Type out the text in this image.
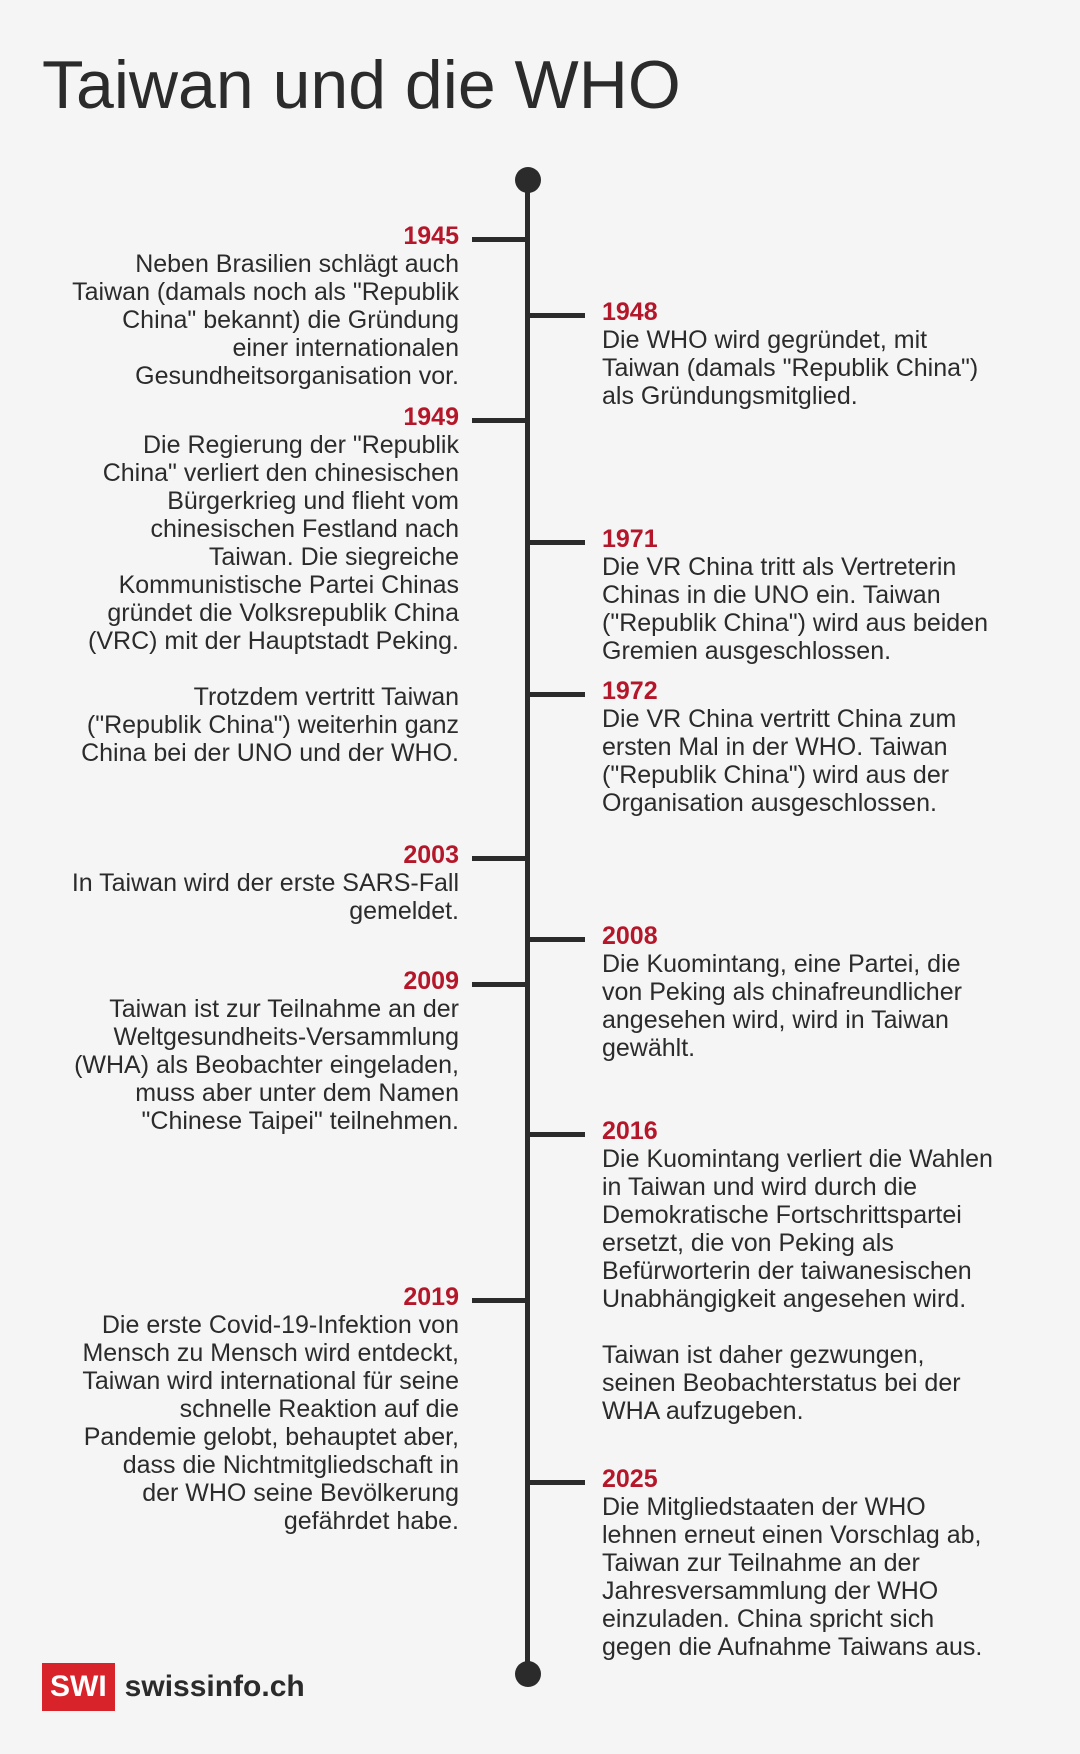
Taiwan und die WHO
1945
Neben Brasilien schlägt auch
Taiwan (damals noch als "Republik
China" bekannt) die Gründung
einer internationalen
Gesundheitsorganisation vor.
1948
Die WHO wird gegründet, mit
Taiwan (damals "Republik China")
als Gründungsmitglied.
1949
Die Regierung der "Republik
China" verliert den chinesischen
Bürgerkrieg und flieht vom
chinesischen Festland nach
Taiwan. Die siegreiche
Kommunistische Partei Chinas
gründet die Volksrepublik China
(VRC) mit der Hauptstadt Peking.
Trotzdem vertritt Taiwan
("Republik China") weiterhin ganz
China bei der UNO und der WHO.
1971
Die VR China tritt als Vertreterin
Chinas in die UNO ein. Taiwan
("Republik China") wird aus beiden
Gremien ausgeschlossen.
1972
Die VR China vertritt China zum
ersten Mal in der WHO. Taiwan
("Republik China") wird aus der
Organisation ausgeschlossen.
2003
In Taiwan wird der erste SARS-Fall
gemeldet.
2008
Die Kuomintang, eine Partei, die
von Peking als chinafreundlicher
angesehen wird, wird in Taiwan
gewählt.
2009
Taiwan ist zur Teilnahme an der
Weltgesundheits-Versammlung
(WHA) als Beobachter eingeladen,
muss aber unter dem Namen
"Chinese Taipei" teilnehmen.	2016
Die Kuomintang verliert die Wahlen
in Taiwan und wird durch die
Demokratische Fortschrittspartei
ersetzt, die von Peking als
Befürworterin der taiwanesischen
Unabhängigkeit angesehen wird.
Taiwan ist daher gezwungen,
seinen Beobachterstatus bei der
WHA aufzugeben.
2019
Die erste Covid-19-Infektion von
Mensch zu Mensch wird entdeckt,
Taiwan wird international für seine
schnelle Reaktion auf die
Pandemie gelobt, behauptet aber,
dass die Nichtmitgliedschaft in
der WHO seine Bevölkerung
gefährdet habe.
2025
Die Mitgliedstaaten der WHO
lehnen erneut einen Vorschlag ab,
Taiwan zur Teilnahme an der
Jahresversammlung der WHO
einzuladen. China spricht sich
gegen die Aufnahme Taiwans aus.
SWI swissinfo.ch
